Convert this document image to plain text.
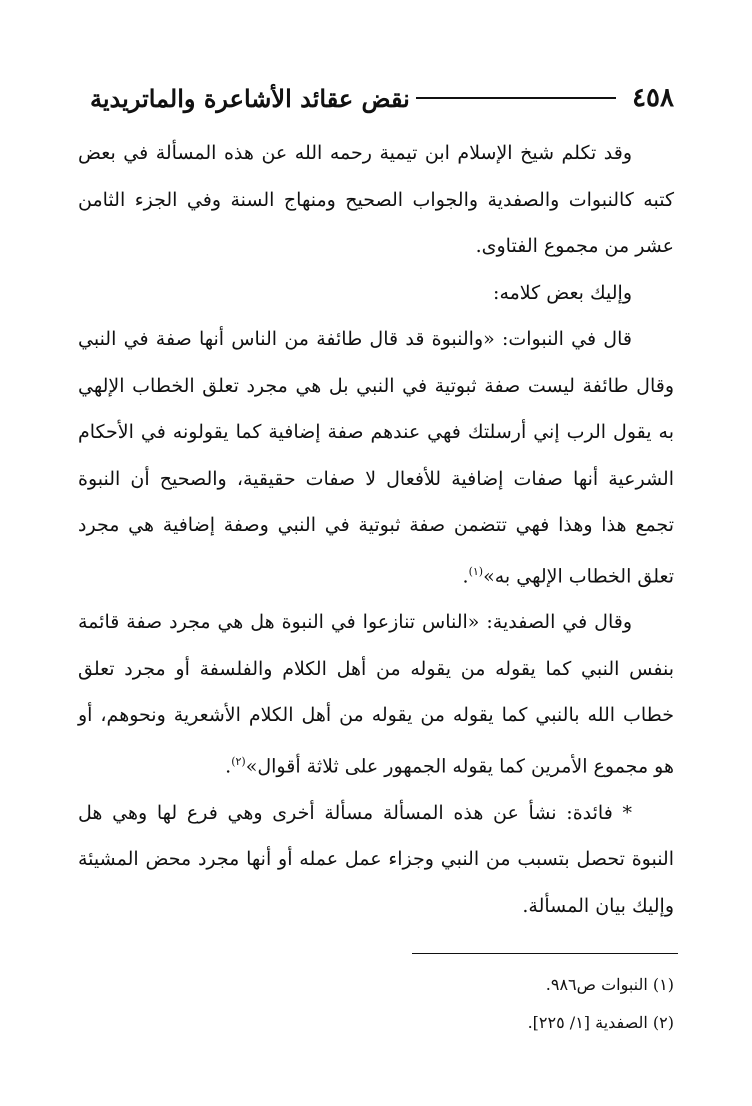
٤٥٨
نقض عقائد الأشاعرة والماتريدية

وقد تكلم شيخ الإسلام ابن تيمية رحمه الله عن هذه المسألة في بعض كتبه كالنبوات والصفدية والجواب الصحيح ومنهاج السنة وفي الجزء الثامن عشر من مجموع الفتاوى.

وإليك بعض كلامه:

قال في النبوات: «والنبوة قد قال طائفة من الناس أنها صفة في النبي وقال طائفة ليست صفة ثبوتية في النبي بل هي مجرد تعلق الخطاب الإلهي به يقول الرب إني أرسلتك فهي عندهم صفة إضافية كما يقولونه في الأحكام الشرعية أنها صفات إضافية للأفعال لا صفات حقيقية، والصحيح أن النبوة تجمع هذا وهذا فهي تتضمن صفة ثبوتية في النبي وصفة إضافية هي مجرد تعلق الخطاب الإلهي به»$^{(١)}$.

وقال في الصفدية: «الناس تنازعوا في النبوة هل هي مجرد صفة قائمة بنفس النبي كما يقوله من يقوله من أهل الكلام والفلسفة أو مجرد تعلق خطاب الله بالنبي كما يقوله من يقوله من أهل الكلام الأشعرية ونحوهم، أو هو مجموع الأمرين كما يقوله الجمهور على ثلاثة أقوال»$^{(٢)}$.

* فائدة: نشأ عن هذه المسألة مسألة أخرى وهي فرع لها وهي هل النبوة تحصل بتسبب من النبي وجزاء عمل عمله أو أنها مجرد محض المشيئة وإليك بيان المسألة.

(١) النبوات ص٩٨٦.

(٢) الصفدية [١/ ٢٢٥].
